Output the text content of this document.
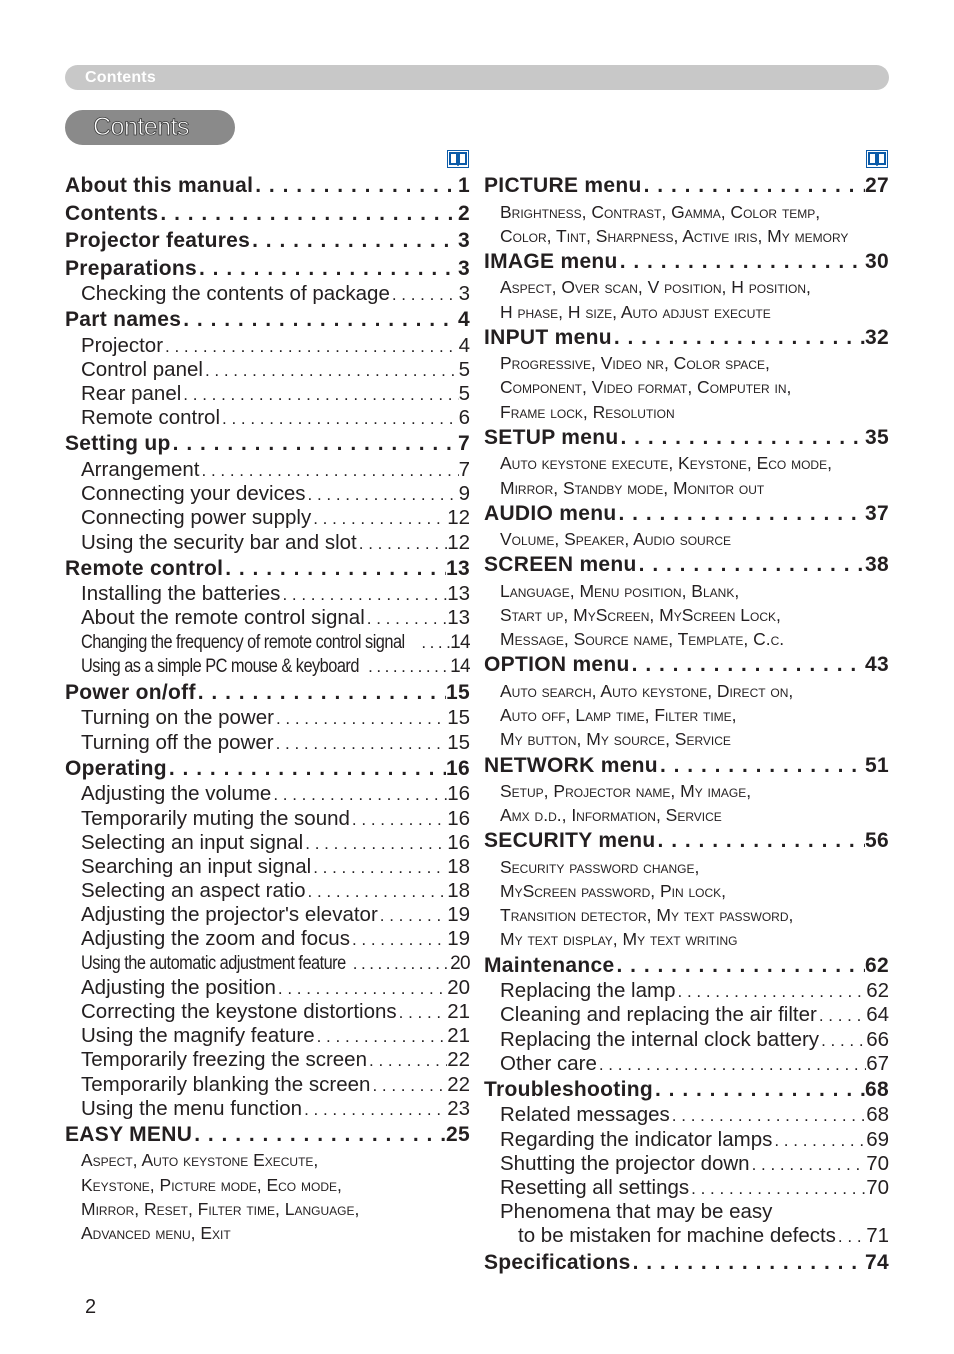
Contents
Contents
About this manual . . .	1
Contents . . .	2
Projector features . . .	3
Preparations . . .	3
Checking the contents of package . . .	3
Part names . . .	4
Projector . . .	4
Control panel . . .	5
Rear panel . . .	5
Remote control . . .	6
Setting up . . .	7
Arrangement . . .	7
Connecting your devices . . .	9
Connecting power supply . . .	12
Using the security bar and slot . . .	12
Remote control . . .	13
Installing the batteries . . .	13
About the remote control signal . . .	13
Changing the frequency of remote control signal . . . 14
Using as a simple PC mouse & keyboard . . .	14
Power on/off . . .	15
Turning on the power . . .	15
Turning off the power . . .	15
Operating . . .	16
Adjusting the volume . . .	16
Temporarily muting the sound . . .	16
Selecting an input signal . . .	16
Searching an input signal . . .	18
Selecting an aspect ratio . . .	18
Adjusting the projector's elevator . . .	19
Adjusting the zoom and focus . . .	19
Using the automatic adjustment feature . . .	20
Adjusting the position . . .	20
Correcting the keystone distortions . . . 21
Using the magnify feature . . .	21
Temporarily freezing the screen . . .	22
Temporarily blanking the screen . . .	22
Using the menu function . . .	23
EASY MENU . . .	25
Aspect, Auto keystone Execute,
Keystone, Picture mode, Eco mode,
Mirror, Reset, Filter time, Language,
Advanced menu, Exit
PICTURE menu . . .	27
Brightness, Contrast, Gamma, Color temp,
Color, Tint, Sharpness, Active iris, My memory
IMAGE menu . . .	30
Aspect, Over scan, V position, H position,
H phase, H size, Auto adjust execute
INPUT menu . . .	32
Progressive, Video nr, Color space,
Component, Video format, Computer in,
Frame lock, Resolution
SETUP menu . . .	35
Auto keystone execute, Keystone, Eco mode,
Mirror, Standby mode, Monitor out
AUDIO menu . . .	37
Volume, Speaker, Audio source
SCREEN menu . . .	38
Language, Menu position, Blank,
Start up, MyScreen, MyScreen Lock,
Message, Source name, Template, C.c.
OPTION menu . . .	43
Auto search, Auto keystone, Direct on,
Auto off, Lamp time, Filter time,
My button, My source, Service
NETWORK menu . . .	51
Setup, Projector name, My image,
Amx d.d., Information, Service
SECURITY menu . . .	56
Security password change,
MyScreen password, Pin lock,
Transition detector, My text password,
My text display, My text writing
Maintenance . . .	62
Replacing the lamp . . .	62
Cleaning and replacing the air filter . . . 64
Replacing the internal clock battery . . . 66
Other care . . .	67
Troubleshooting . . .	68
Related messages . . .	68
Regarding the indicator lamps . . .	69
Shutting the projector down . . .	70
Resetting all settings . . .	70
Phenomena that may be easy
to be mistaken for machine defects . . . 71
Specifications . . .	74
2
